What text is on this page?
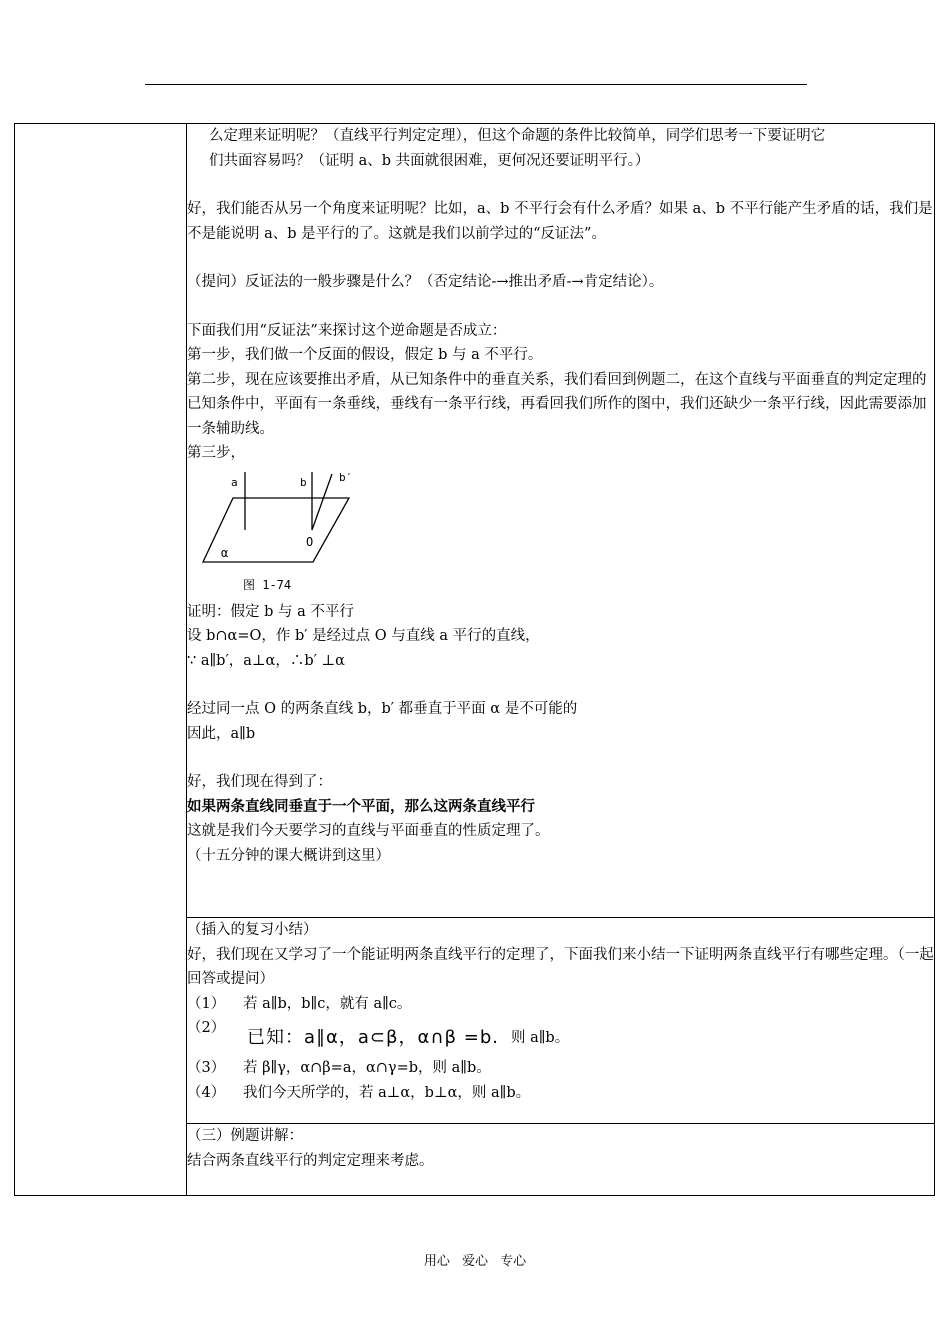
么定理来证明呢？（直线平行判定定理），但这个命题的条件比较简单，同学们思考一下要证明它

们共面容易吗？（证明 a、b 共面就很困难，更何况还要证明平行。）

好，我们能否从另一个角度来证明呢？比如，a、b 不平行会有什么矛盾？如果 a、b 不平行能产生矛盾的话，我们是不是能说明 a、b 是平行的了。这就是我们以前学过的“反证法”。

（提问）反证法的一般步骤是什么？（否定结论-→推出矛盾-→肯定结论）。

下面我们用“反证法”来探讨这个逆命题是否成立：

第一步，我们做一个反面的假设，假定 b 与 a 不平行。

第二步，现在应该要推出矛盾，从已知条件中的垂直关系，我们看回到例题二，在这个直线与平面垂直的判定定理的已知条件中，平面有一条垂线，垂线有一条平行线，再看回我们所作的图中，我们还缺少一条平行线，因此需要添加一条辅助线。

第三步，

a	b	b′
O
α
图 1-74

证明：假定 b 与 a 不平行

设 b∩α=O，作 b′ 是经过点 O 与直线 a 平行的直线，

∵ a∥b′，a⊥α，∴b′ ⊥α

经过同一点 O 的两条直线 b，b′ 都垂直于平面 α 是不可能的

因此，a∥b

好，我们现在得到了：

如果两条直线同垂直于一个平面，那么这两条直线平行

这就是我们今天要学习的直线与平面垂直的性质定理了。

（十五分钟的课大概讲到这里）

（插入的复习小结）

好，我们现在又学习了一个能证明两条直线平行的定理了，下面我们来小结一下证明两条直线平行有哪些定理。（一起回答或提问）

（1）	若 a∥b，b∥c，就有 a∥c。

（2）	已知：a∥α，a⊂β，α∩β =b. 则 a∥b。

（3）	若 β∥γ，α∩β=a，α∩γ=b，则 a∥b。

（4）	我们今天所学的，若 a⊥α，b⊥α，则 a∥b。

（三）例题讲解：

结合两条直线平行的判定定理来考虑。

用心 爱心 专心
